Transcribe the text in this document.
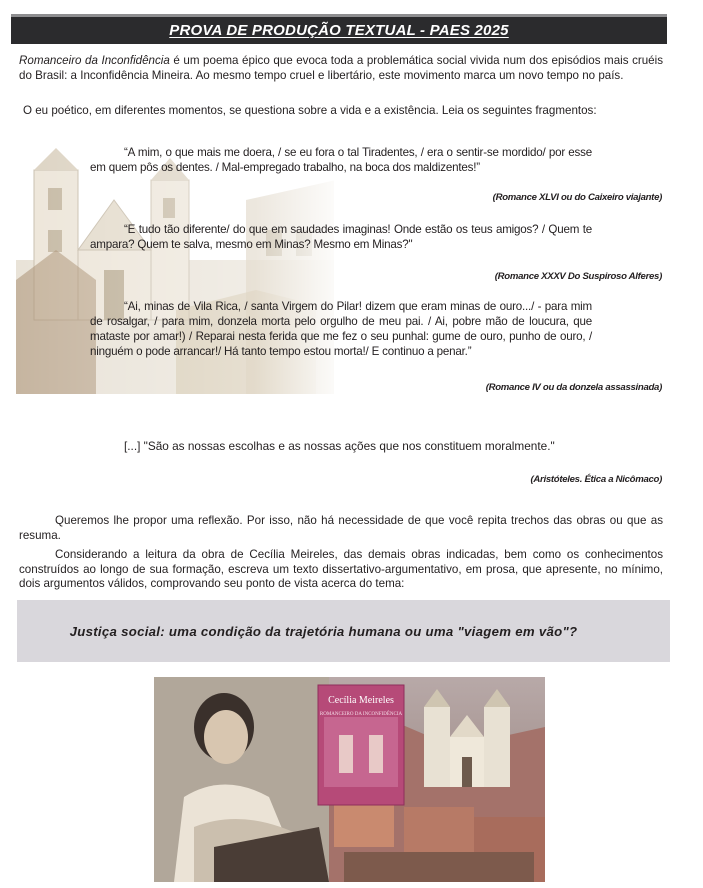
PROVA DE PRODUÇÃO TEXTUAL - PAES 2025

Romanceiro da Inconfidência é um poema épico que evoca toda a problemática social vivida num dos episódios mais cruéis do Brasil: a Inconfidência Mineira. Ao mesmo tempo cruel e libertário, este movimento marca um novo tempo no país.

O eu poético, em diferentes momentos, se questiona sobre a vida e a existência. Leia os seguintes fragmentos:

“A mim, o que mais me doera, / se eu fora o tal Tiradentes, / era o sentir-se mordido/ por esse em quem pôs os dentes. / Mal-empregado trabalho, na boca dos maldizentes!”

(Romance XLVI ou do Caixeiro viajante)

“E tudo tão diferente/ do que em saudades imaginas! Onde estão os teus amigos? / Quem te ampara? Quem te salva, mesmo em Minas? Mesmo em Minas?"

(Romance XXXV Do Suspiroso Alferes)

“Ai, minas de Vila Rica, / santa Virgem do Pilar! dizem que eram minas de ouro.../ - para mim de rosalgar, / para mim, donzela morta pelo orgulho de meu pai. / Ai, pobre mão de loucura, que mataste por amar!) / Reparai nesta ferida que me fez o seu punhal: gume de ouro, punho de ouro, / ninguém o pode arrancar!/ Há tanto tempo estou morta!/ E continuo a penar.”

(Romance IV ou da donzela assassinada)

[...] "São as nossas escolhas e as nossas ações que nos constituem moralmente."

(Aristóteles. Ética a Nicômaco)

Queremos lhe propor uma reflexão. Por isso, não há necessidade de que você repita trechos das obras ou que as resuma.

Considerando a leitura da obra de Cecília Meireles, das demais obras indicadas, bem como os conhecimentos construídos ao longo de sua formação, escreva um texto dissertativo-argumentativo, em prosa, que apresente, no mínimo, dois argumentos válidos, comprovando seu ponto de vista acerca do tema:

Justiça social: uma condição da trajetória humana ou uma "viagem em vão"?
Cecília Meireles
ROMANCEIRO DA INCONFIDÊNCIA
